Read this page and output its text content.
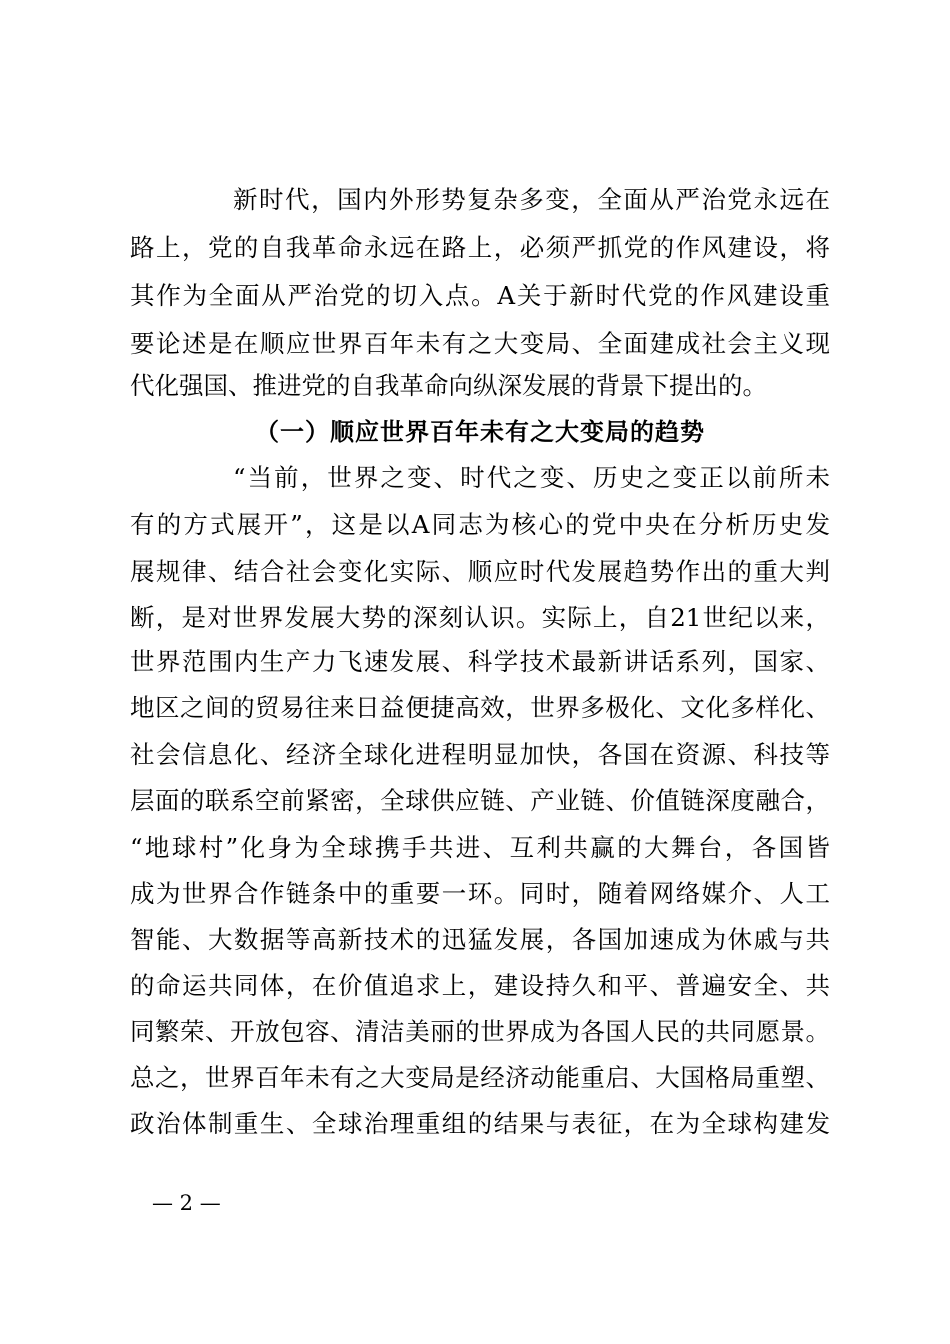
新时代，国内外形势复杂多变，全面从严治党永远在
路上，党的自我革命永远在路上，必须严抓党的作风建设，将
其作为全面从严治党的切入点。A关于新时代党的作风建设重
要论述是在顺应世界百年未有之大变局、全面建成社会主义现
代化强国、推进党的自我革命向纵深发展的背景下提出的。
（一）顺应世界百年未有之大变局的趋势
“当前，世界之变、时代之变、历史之变正以前所未
有的方式展开”，这是以A同志为核心的党中央在分析历史发
展规律、结合社会变化实际、顺应时代发展趋势作出的重大判
断，是对世界发展大势的深刻认识。实际上，自21世纪以来，
世界范围内生产力飞速发展、科学技术最新讲话系列，国家、
地区之间的贸易往来日益便捷高效，世界多极化、文化多样化、
社会信息化、经济全球化进程明显加快，各国在资源、科技等
层面的联系空前紧密，全球供应链、产业链、价值链深度融合，
“地球村”化身为全球携手共进、互利共赢的大舞台，各国皆
成为世界合作链条中的重要一环。同时，随着网络媒介、人工
智能、大数据等高新技术的迅猛发展，各国加速成为休戚与共
的命运共同体，在价值追求上，建设持久和平、普遍安全、共
同繁荣、开放包容、清洁美丽的世界成为各国人民的共同愿景。
总之，世界百年未有之大变局是经济动能重启、大国格局重塑、
政治体制重生、全球治理重组的结果与表征，在为全球构建发
— 2 —
